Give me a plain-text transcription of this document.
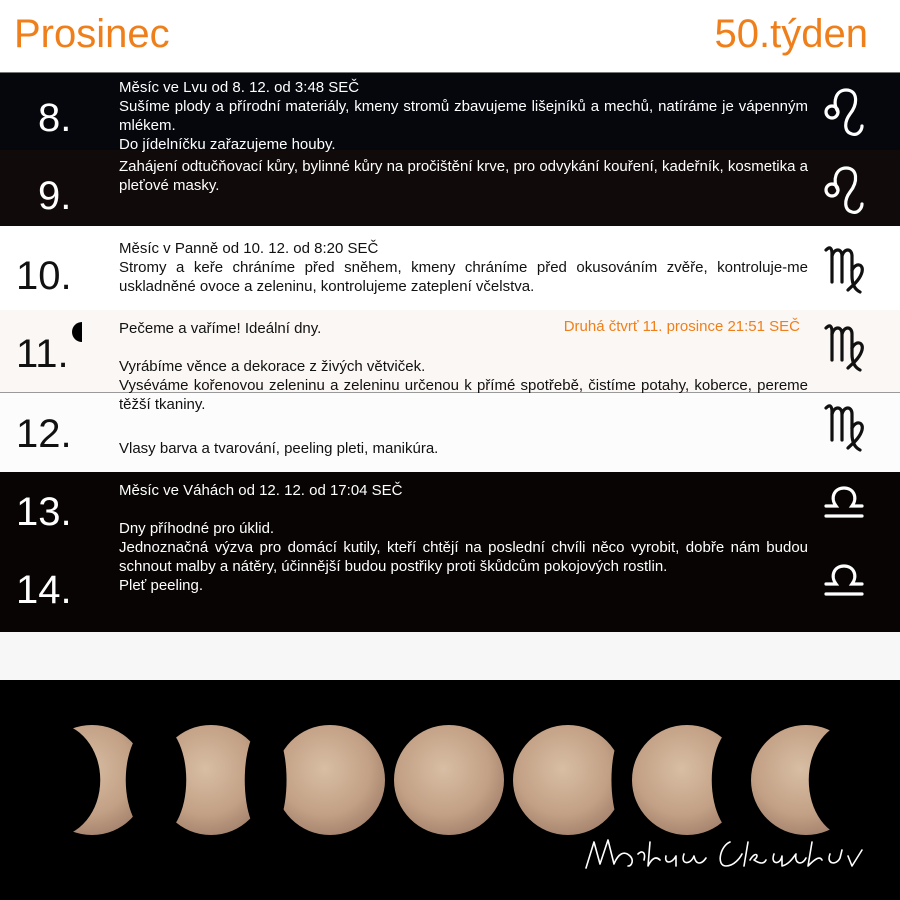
Prosinec	50.týden
8.
9.
10.
11.
12.
13.
14.

Měsíc ve Lvu od 8. 12. od 3:48 SEČ

Sušíme plody a přírodní materiály, kmeny stromů zbavujeme lišejníků a mechů, natíráme je vápenným mlékem.

Do jídelníčku zařazujeme houby.

Zahájení odtučňovací kůry, bylinné kůry na pročištění krve, pro odvykání kouření, kadeřník, kosmetika a pleťové masky.

Měsíc v Panně od 10. 12. od 8:20 SEČ

Stromy a keře chráníme před sněhem, kmeny chráníme před okusováním zvěře, kontroluje-me uskladněné ovoce a zeleninu, kontrolujeme zateplení včelstva.

Pečeme a vaříme! Ideální dny.

Vyrábíme věnce a dekorace z živých větviček.

Vyséváme kořenovou zeleninu a zeleninu určenou k přímé spotřebě, čistíme potahy, koberce, pereme těžší tkaniny.

Druhá čtvrť 11. prosince 21:51 SEČ

Vlasy barva a tvarování, peeling pleti, manikúra.

Měsíc ve Váhách od 12. 12. od 17:04 SEČ

Dny příhodné pro úklid.

Jednoznačná výzva pro domácí kutily, kteří chtějí na poslední chvíli něco vyrobit, dobře nám budou schnout malby a nátěry, účinnější budou postřiky proti škůdcům pokojových rostlin.

Pleť peeling.
